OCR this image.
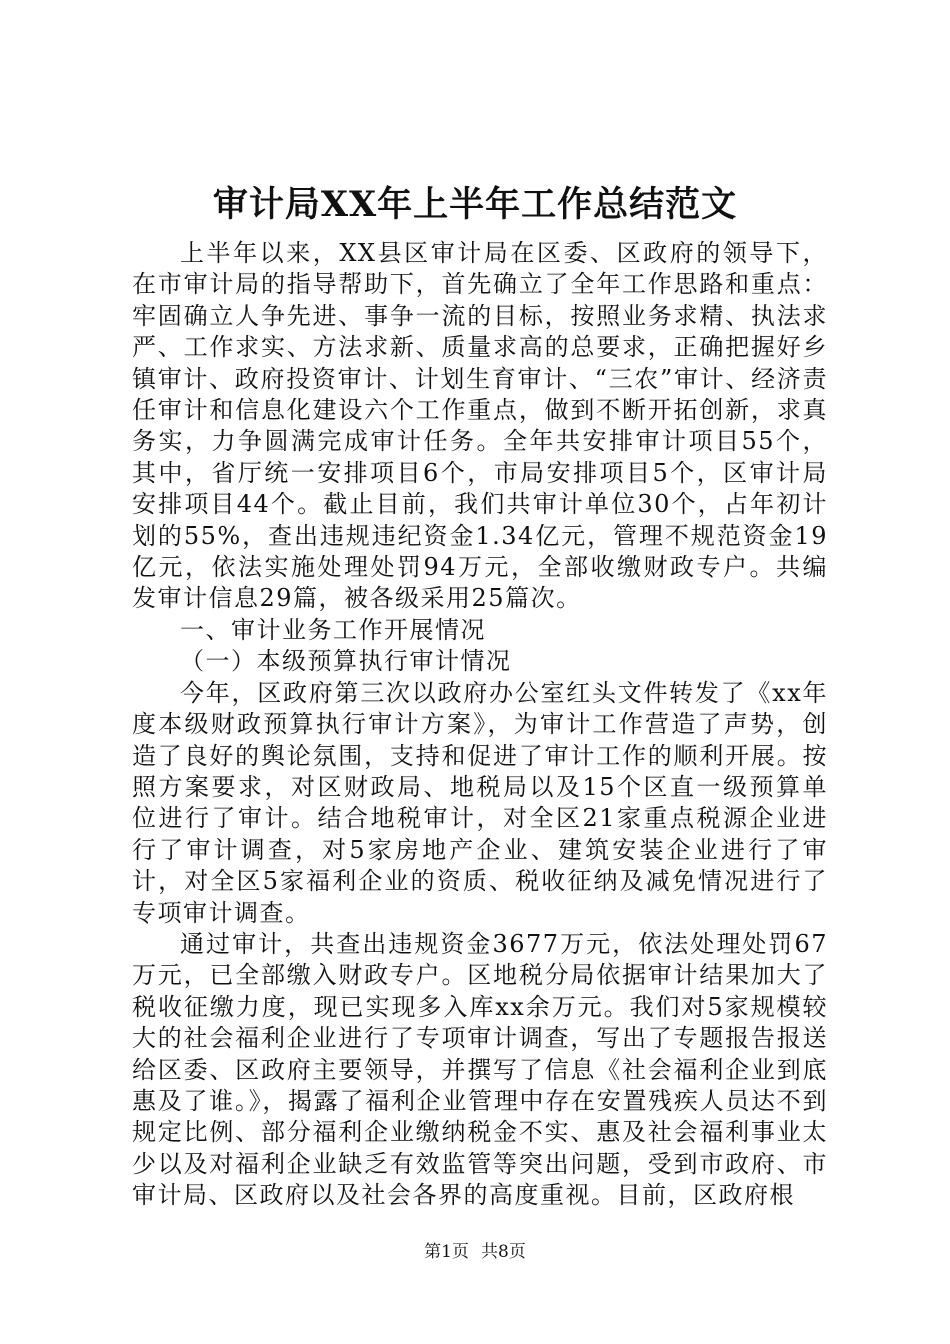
审计局XX年上半年工作总结范文

上半年以来，XX县区审计局在区委、区政府的领导下，在市审计局的指导帮助下，首先确立了全年工作思路和重点：牢固确立人争先进、事争一流的目标，按照业务求精、执法求严、工作求实、方法求新、质量求高的总要求，正确把握好乡镇审计、政府投资审计、计划生育审计、“三农”审计、经济责任审计和信息化建设六个工作重点，做到不断开拓创新，求真务实，力争圆满完成审计任务。全年共安排审计项目55个，其中，省厅统一安排项目6个，市局安排项目5个，区审计局安排项目44个。截止目前，我们共审计单位30个，占年初计划的55%，查出违规违纪资金1.34亿元，管理不规范资金19亿元，依法实施处理处罚94万元，全部收缴财政专户。共编发审计信息29篇，被各级采用25篇次。

一、审计业务工作开展情况

（一）本级预算执行审计情况

今年，区政府第三次以政府办公室红头文件转发了《xx年度本级财政预算执行审计方案》，为审计工作营造了声势，创造了良好的舆论氛围，支持和促进了审计工作的顺利开展。按照方案要求，对区财政局、地税局以及15个区直一级预算单位进行了审计。结合地税审计，对全区21家重点税源企业进行了审计调查，对5家房地产企业、建筑安装企业进行了审计，对全区5家福利企业的资质、税收征纳及减免情况进行了专项审计调查。

通过审计，共查出违规资金3677万元，依法处理处罚67万元，已全部缴入财政专户。区地税分局依据审计结果加大了税收征缴力度，现已实现多入库xx余万元。我们对5家规模较大的社会福利企业进行了专项审计调查，写出了专题报告报送给区委、区政府主要领导，并撰写了信息《社会福利企业到底惠及了谁。》，揭露了福利企业管理中存在安置残疾人员达不到规定比例、部分福利企业缴纳税金不实、惠及社会福利事业太少以及对福利企业缺乏有效监管等突出问题，受到市政府、市审计局、区政府以及社会各界的高度重视。目前，区政府根

第1页 共8页
